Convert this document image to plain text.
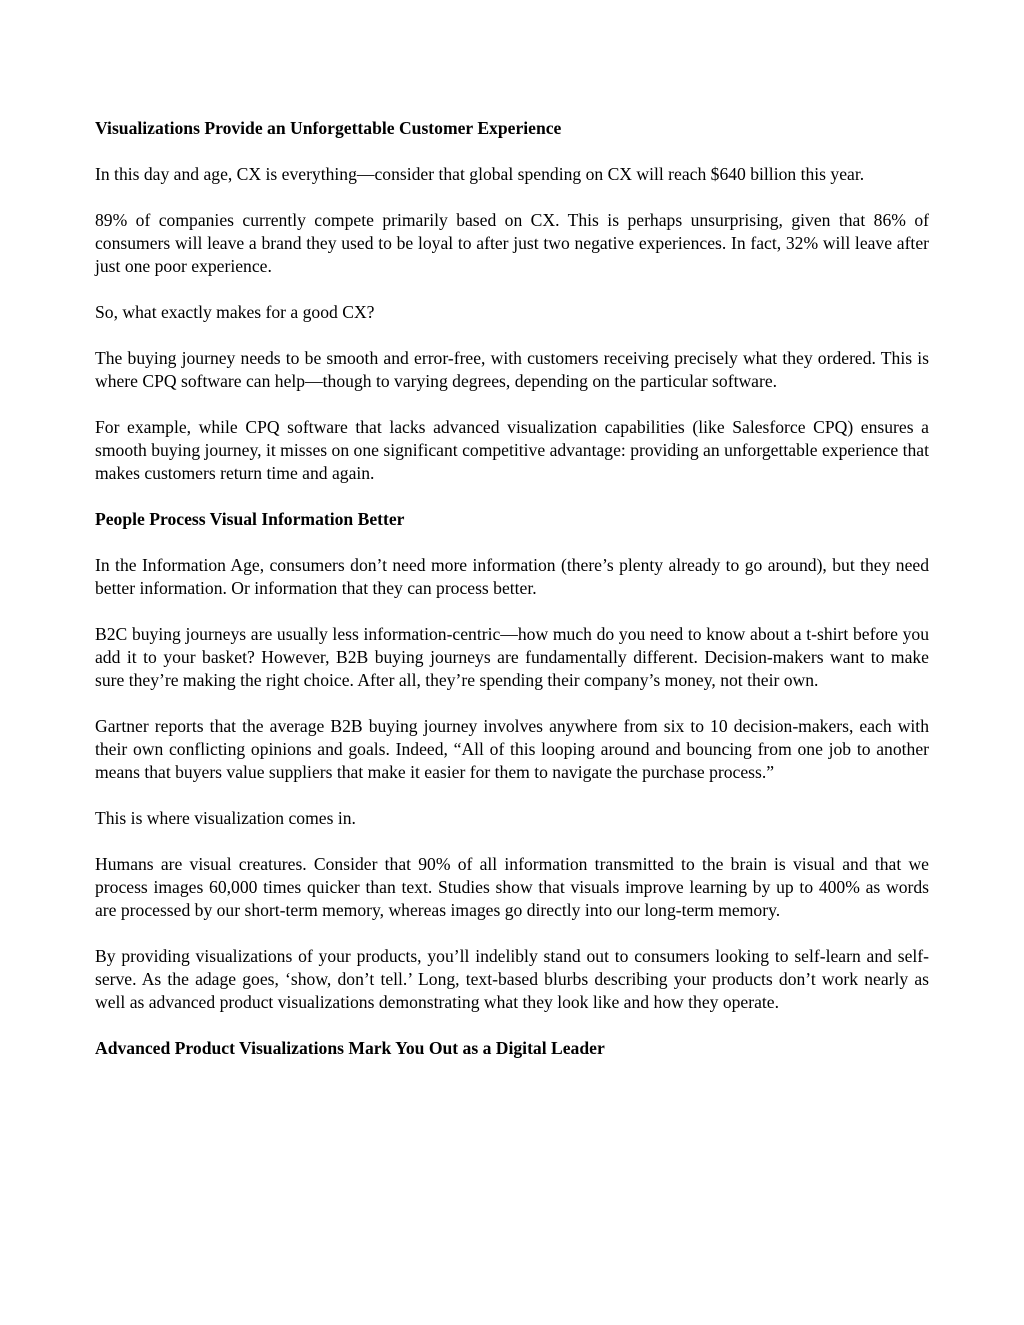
Visualizations Provide an Unforgettable Customer Experience
In this day and age, CX is everything—consider that global spending on CX will reach $640 billion this year.
89% of companies currently compete primarily based on CX. This is perhaps unsurprising, given that 86% of consumers will leave a brand they used to be loyal to after just two negative experiences. In fact, 32% will leave after just one poor experience.
So, what exactly makes for a good CX?
The buying journey needs to be smooth and error-free, with customers receiving precisely what they ordered. This is where CPQ software can help—though to varying degrees, depending on the particular software.
For example, while CPQ software that lacks advanced visualization capabilities (like Salesforce CPQ) ensures a smooth buying journey, it misses on one significant competitive advantage: providing an unforgettable experience that makes customers return time and again.
People Process Visual Information Better
In the Information Age, consumers don’t need more information (there’s plenty already to go around), but they need better information. Or information that they can process better.
B2C buying journeys are usually less information-centric—how much do you need to know about a t-shirt before you add it to your basket? However, B2B buying journeys are fundamentally different. Decision-makers want to make sure they’re making the right choice. After all, they’re spending their company’s money, not their own.
Gartner reports that the average B2B buying journey involves anywhere from six to 10 decision-makers, each with their own conflicting opinions and goals. Indeed, “All of this looping around and bouncing from one job to another means that buyers value suppliers that make it easier for them to navigate the purchase process.”
This is where visualization comes in.
Humans are visual creatures. Consider that 90% of all information transmitted to the brain is visual and that we process images 60,000 times quicker than text. Studies show that visuals improve learning by up to 400% as words are processed by our short-term memory, whereas images go directly into our long-term memory.
By providing visualizations of your products, you’ll indelibly stand out to consumers looking to self-learn and self-serve. As the adage goes, ‘show, don’t tell.’ Long, text-based blurbs describing your products don’t work nearly as well as advanced product visualizations demonstrating what they look like and how they operate.
Advanced Product Visualizations Mark You Out as a Digital Leader
